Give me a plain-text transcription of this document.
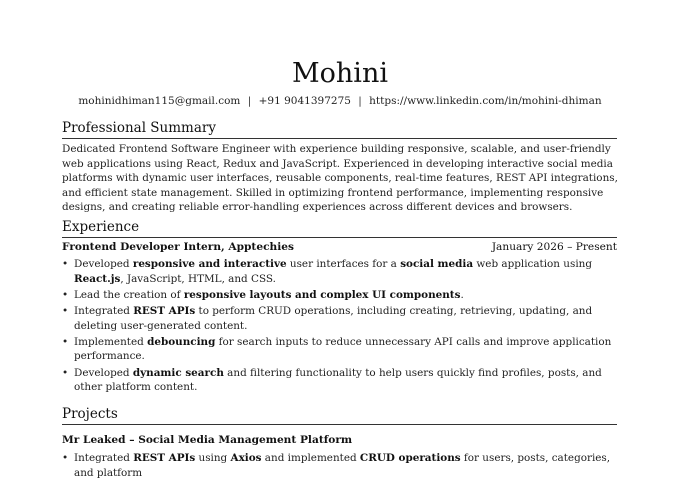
Mohini
mohinidhiman115@gmail.com | +91 9041397275 | https://www.linkedin.com/in/mohini-dhiman
Professional Summary

Dedicated Frontend Software Engineer with experience building responsive, scalable, and user-friendly web applications using React, Redux and JavaScript. Experienced in developing interactive social media platforms with dynamic user interfaces, reusable components, real-time features, REST API integrations, and efficient state management. Skilled in optimizing frontend performance, implementing responsive designs, and creating reliable error-handling experiences across different devices and browsers.

Experience
Frontend Developer Intern, Apptechies	January 2026 – Present
• Developed responsive and interactive user interfaces for a social media web application using React.js, JavaScript, HTML, and CSS.
• Lead the creation of responsive layouts and complex UI components.
• Integrated REST APIs to perform CRUD operations, including creating, retrieving, updating, and deleting user-generated content.
• Implemented debouncing for search inputs to reduce unnecessary API calls and improve application performance.
• Developed dynamic search and filtering functionality to help users quickly find profiles, posts, and other platform content.
Projects
Mr Leaked – Social Media Management Platform
• Integrated REST APIs using Axios and implemented CRUD operations for users, posts, categories, and platform
